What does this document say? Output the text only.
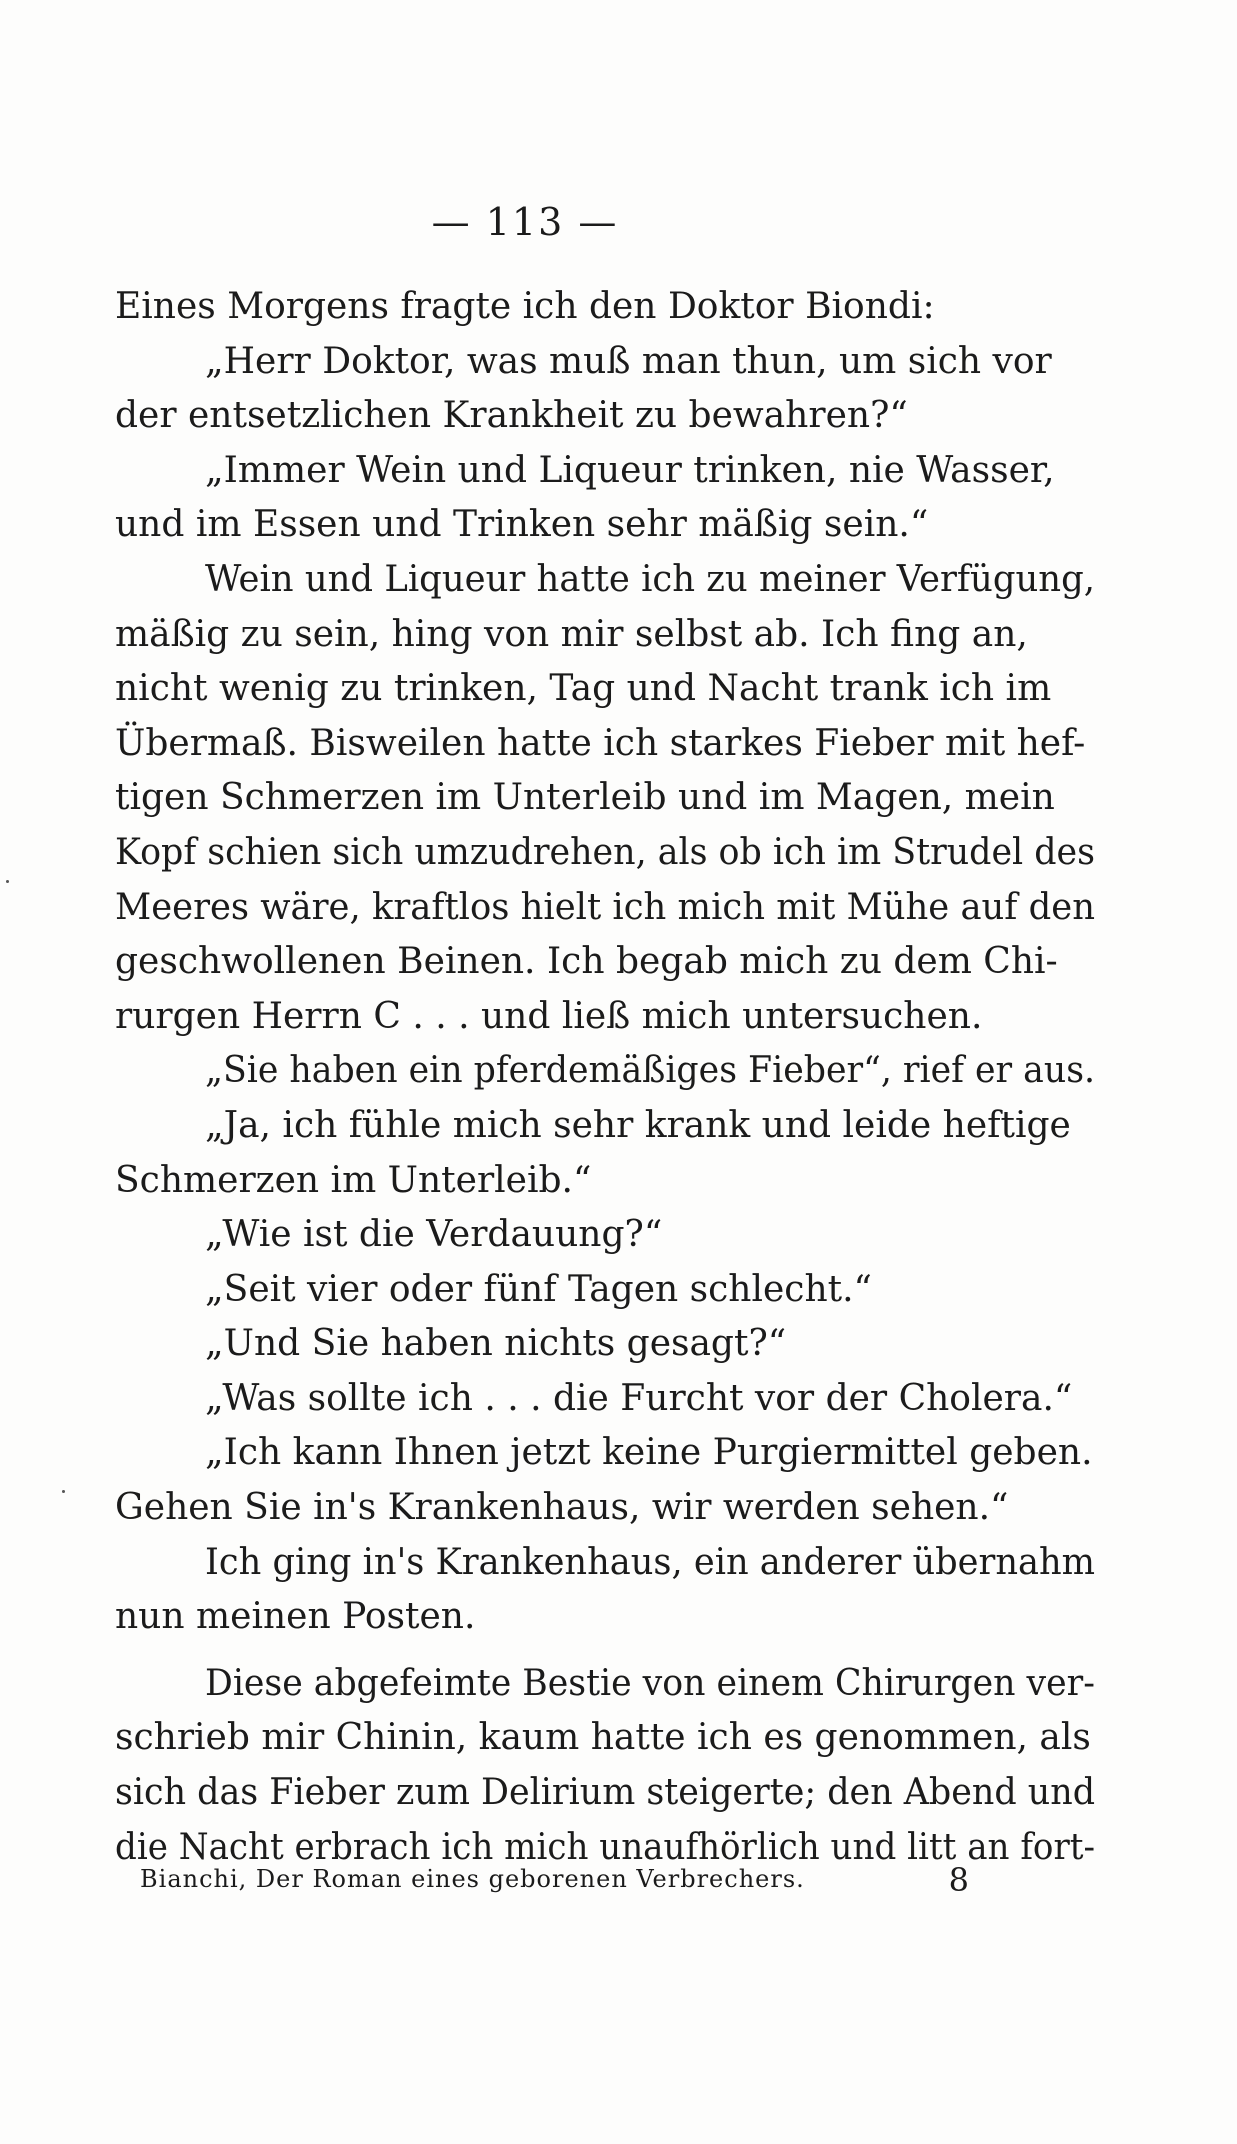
— 113 —
Eines Morgens fragte ich den Doktor Biondi:
„Herr Doktor, was muß man thun, um sich vor
der entsetzlichen Krankheit zu bewahren?“
„Immer Wein und Liqueur trinken, nie Wasser,
und im Essen und Trinken sehr mäßig sein.“
Wein und Liqueur hatte ich zu meiner Verfügung,
mäßig zu sein, hing von mir selbst ab. Ich fing an,
nicht wenig zu trinken, Tag und Nacht trank ich im
Übermaß. Bisweilen hatte ich starkes Fieber mit hef-
tigen Schmerzen im Unterleib und im Magen, mein
Kopf schien sich umzudrehen, als ob ich im Strudel des
Meeres wäre, kraftlos hielt ich mich mit Mühe auf den
geschwollenen Beinen. Ich begab mich zu dem Chi-
rurgen Herrn C . . . und ließ mich untersuchen.
„Sie haben ein pferdemäßiges Fieber“, rief er aus.
„Ja, ich fühle mich sehr krank und leide heftige
Schmerzen im Unterleib.“
„Wie ist die Verdauung?“
„Seit vier oder fünf Tagen schlecht.“
„Und Sie haben nichts gesagt?“
„Was sollte ich . . . die Furcht vor der Cholera.“
„Ich kann Ihnen jetzt keine Purgiermittel geben.
Gehen Sie in's Krankenhaus, wir werden sehen.“
Ich ging in's Krankenhaus, ein anderer übernahm
nun meinen Posten.
Diese abgefeimte Bestie von einem Chirurgen ver-
schrieb mir Chinin, kaum hatte ich es genommen, als
sich das Fieber zum Delirium steigerte; den Abend und
die Nacht erbrach ich mich unaufhörlich und litt an fort-
Bianchi, Der Roman eines geborenen Verbrechers.	8
